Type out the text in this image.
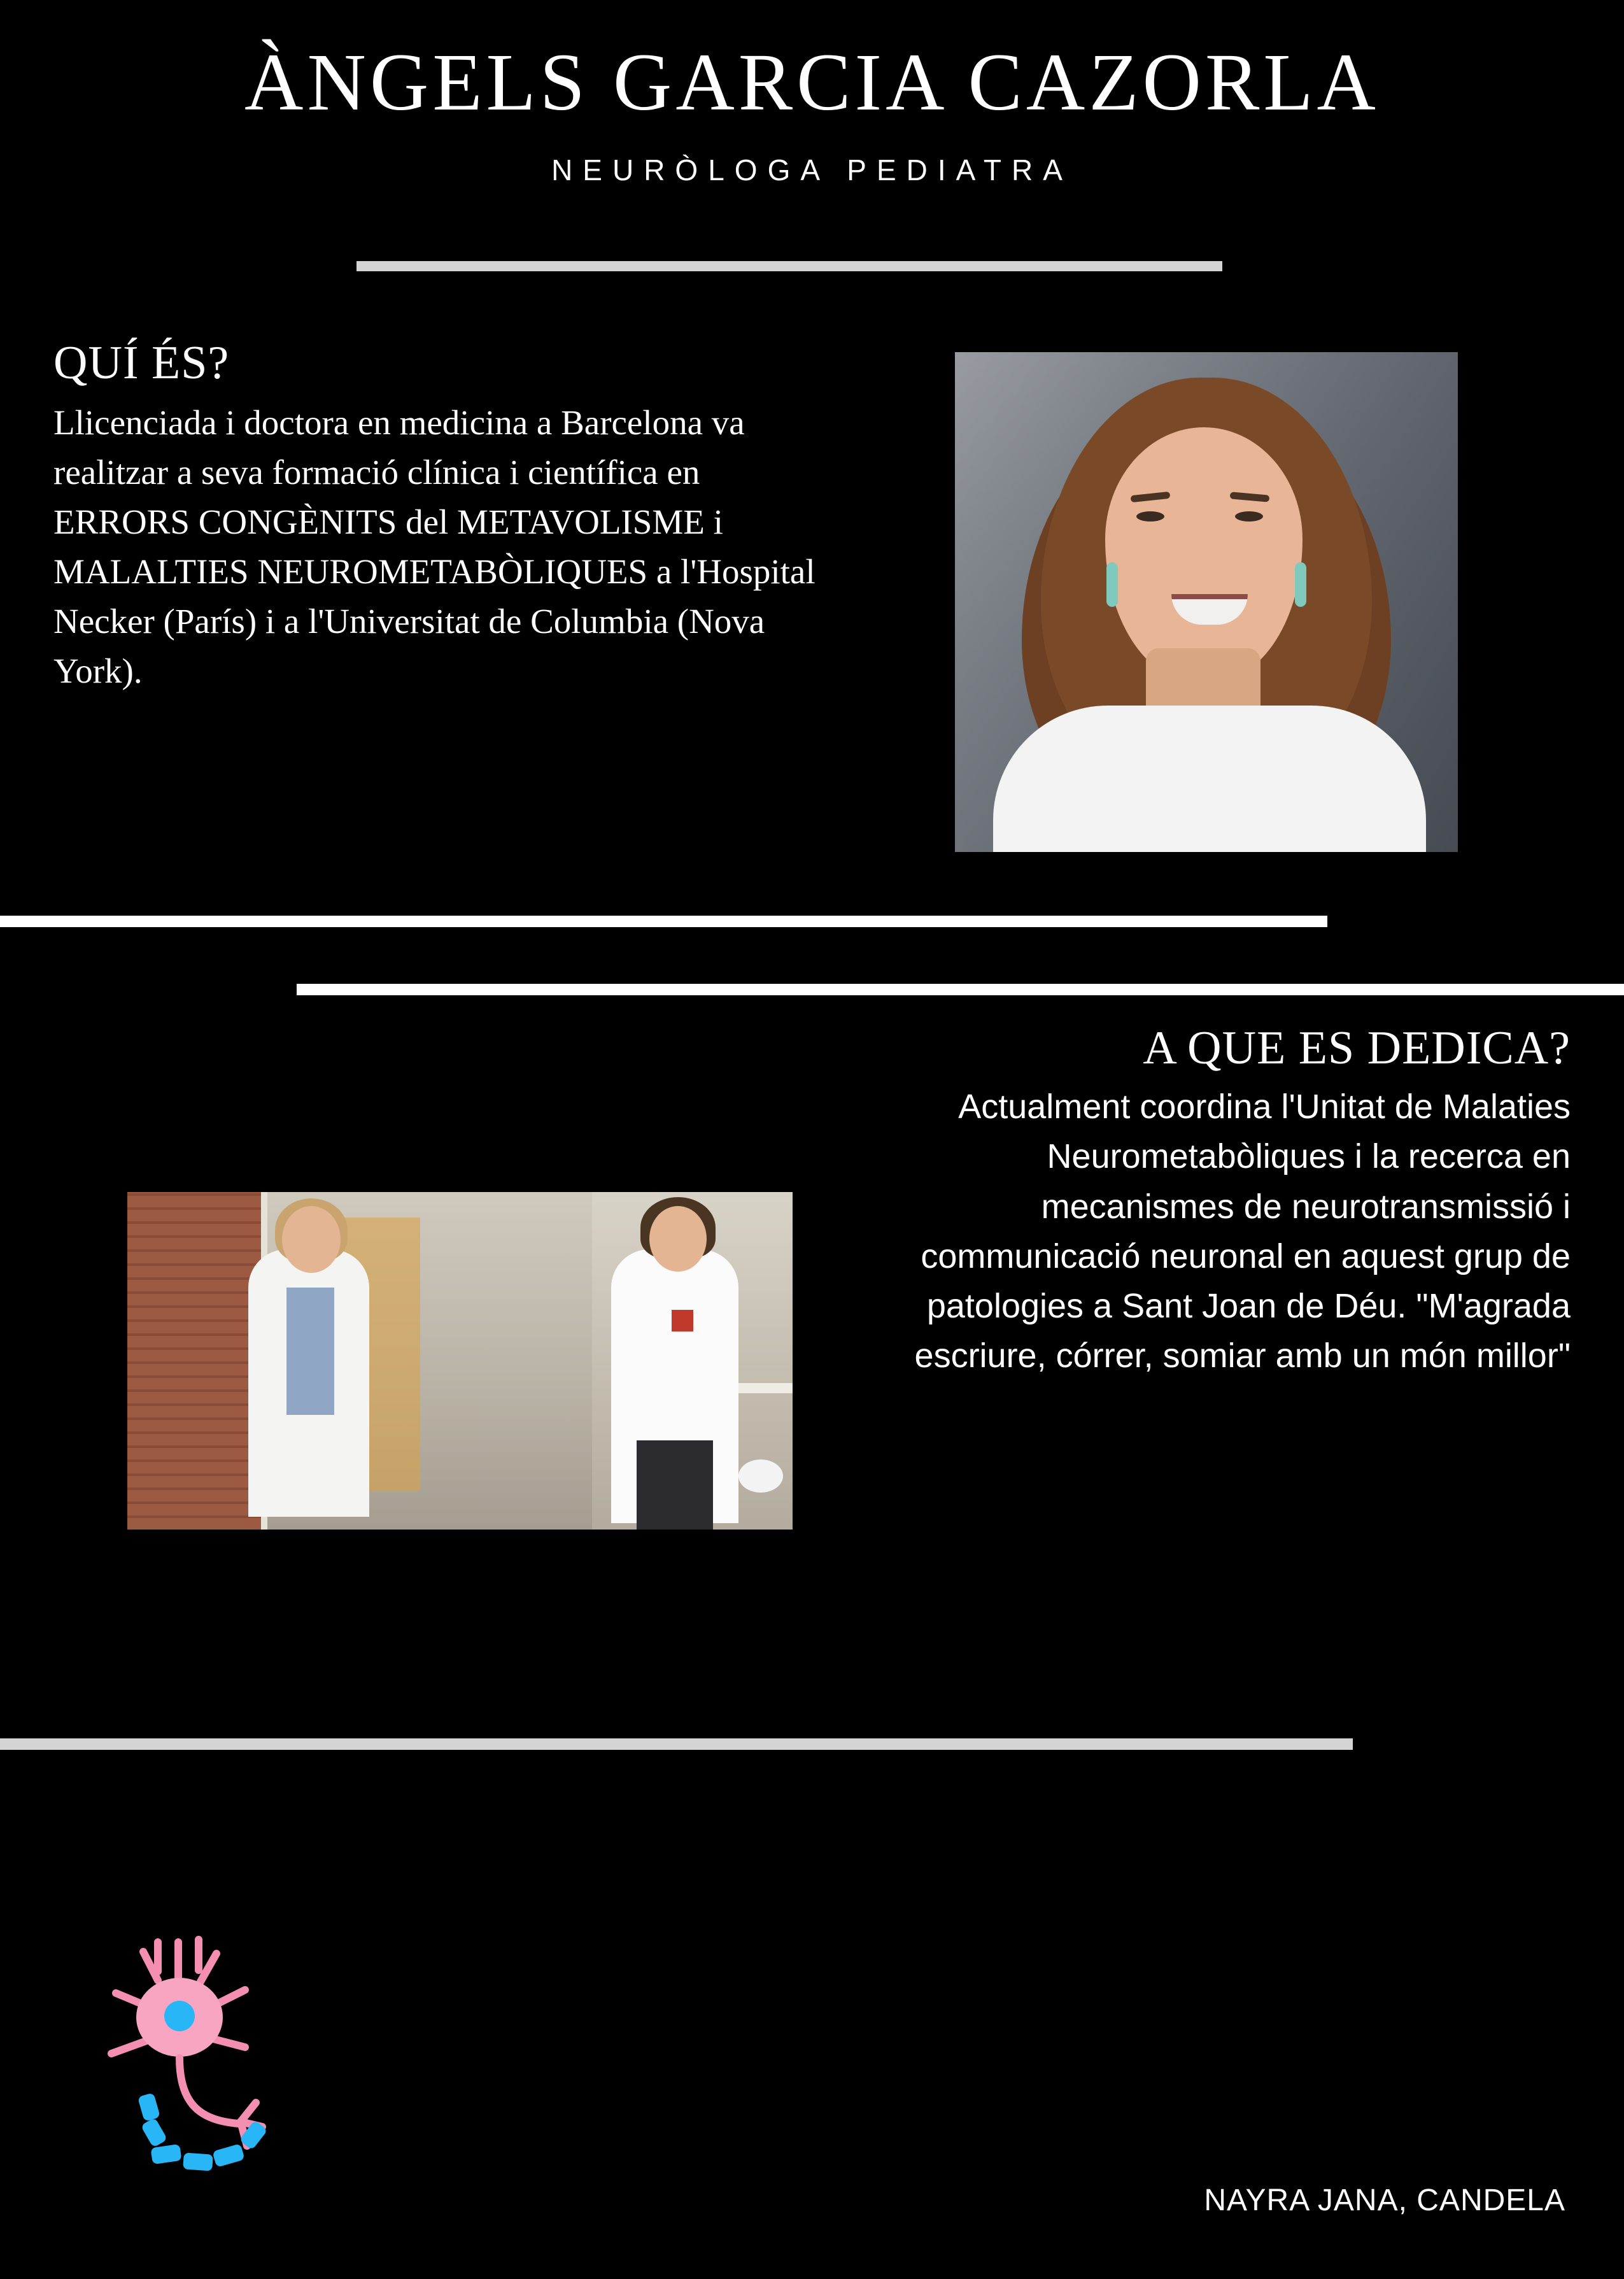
ÀNGELS GARCIA CAZORLA
NEURÒLOGA PEDIATRA
QUÍ ÉS?

Llicenciada i doctora en medicina a Barcelona va realitzar a seva formació clínica i científica en ERRORS CONGÈNITS del METAVOLISME i MALALTIES NEUROMETABÒLIQUES a l'Hospital Necker (París) i a l'Universitat de Columbia (Nova York).

A QUE ES DEDICA?

Actualment coordina l'Unitat de Malaties Neurometabòliques i la recerca en mecanismes de neurotransmissió i communicació neuronal en aquest grup de patologies a Sant Joan de Déu. "M'agrada escriure, córrer, somiar amb un món millor"

NAYRA JANA, CANDELA
